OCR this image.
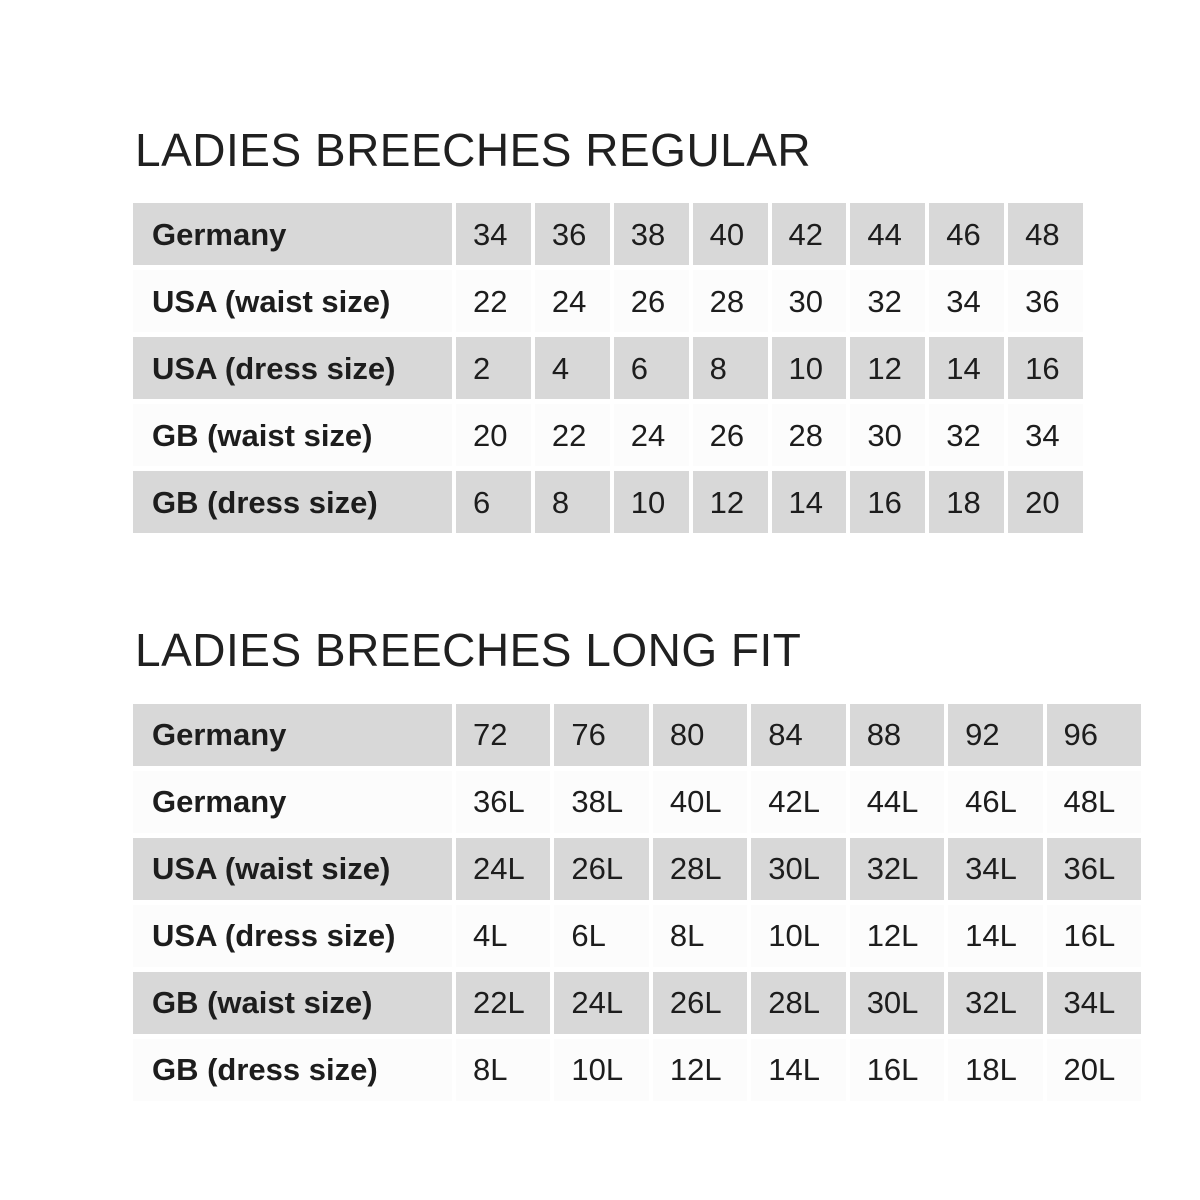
LADIES BREECHES REGULAR
Germany	34	36	38	40	42	44	46	48
USA (waist size)	22	24	26	28	30	32	34	36
USA (dress size)	2	4	6	8	10	12	14	16
GB (waist size)	20	22	24	26	28	30	32	34
GB (dress size)	6	8	10	12	14	16	18	20
LADIES BREECHES LONG FIT
Germany	72	76	80	84	88	92	96
Germany	36L	38L	40L	42L	44L	46L	48L
USA (waist size)	24L	26L	28L	30L	32L	34L	36L
USA (dress size)	4L	6L	8L	10L	12L	14L	16L
GB (waist size)	22L	24L	26L	28L	30L	32L	34L
GB (dress size)	8L	10L	12L	14L	16L	18L	20L
